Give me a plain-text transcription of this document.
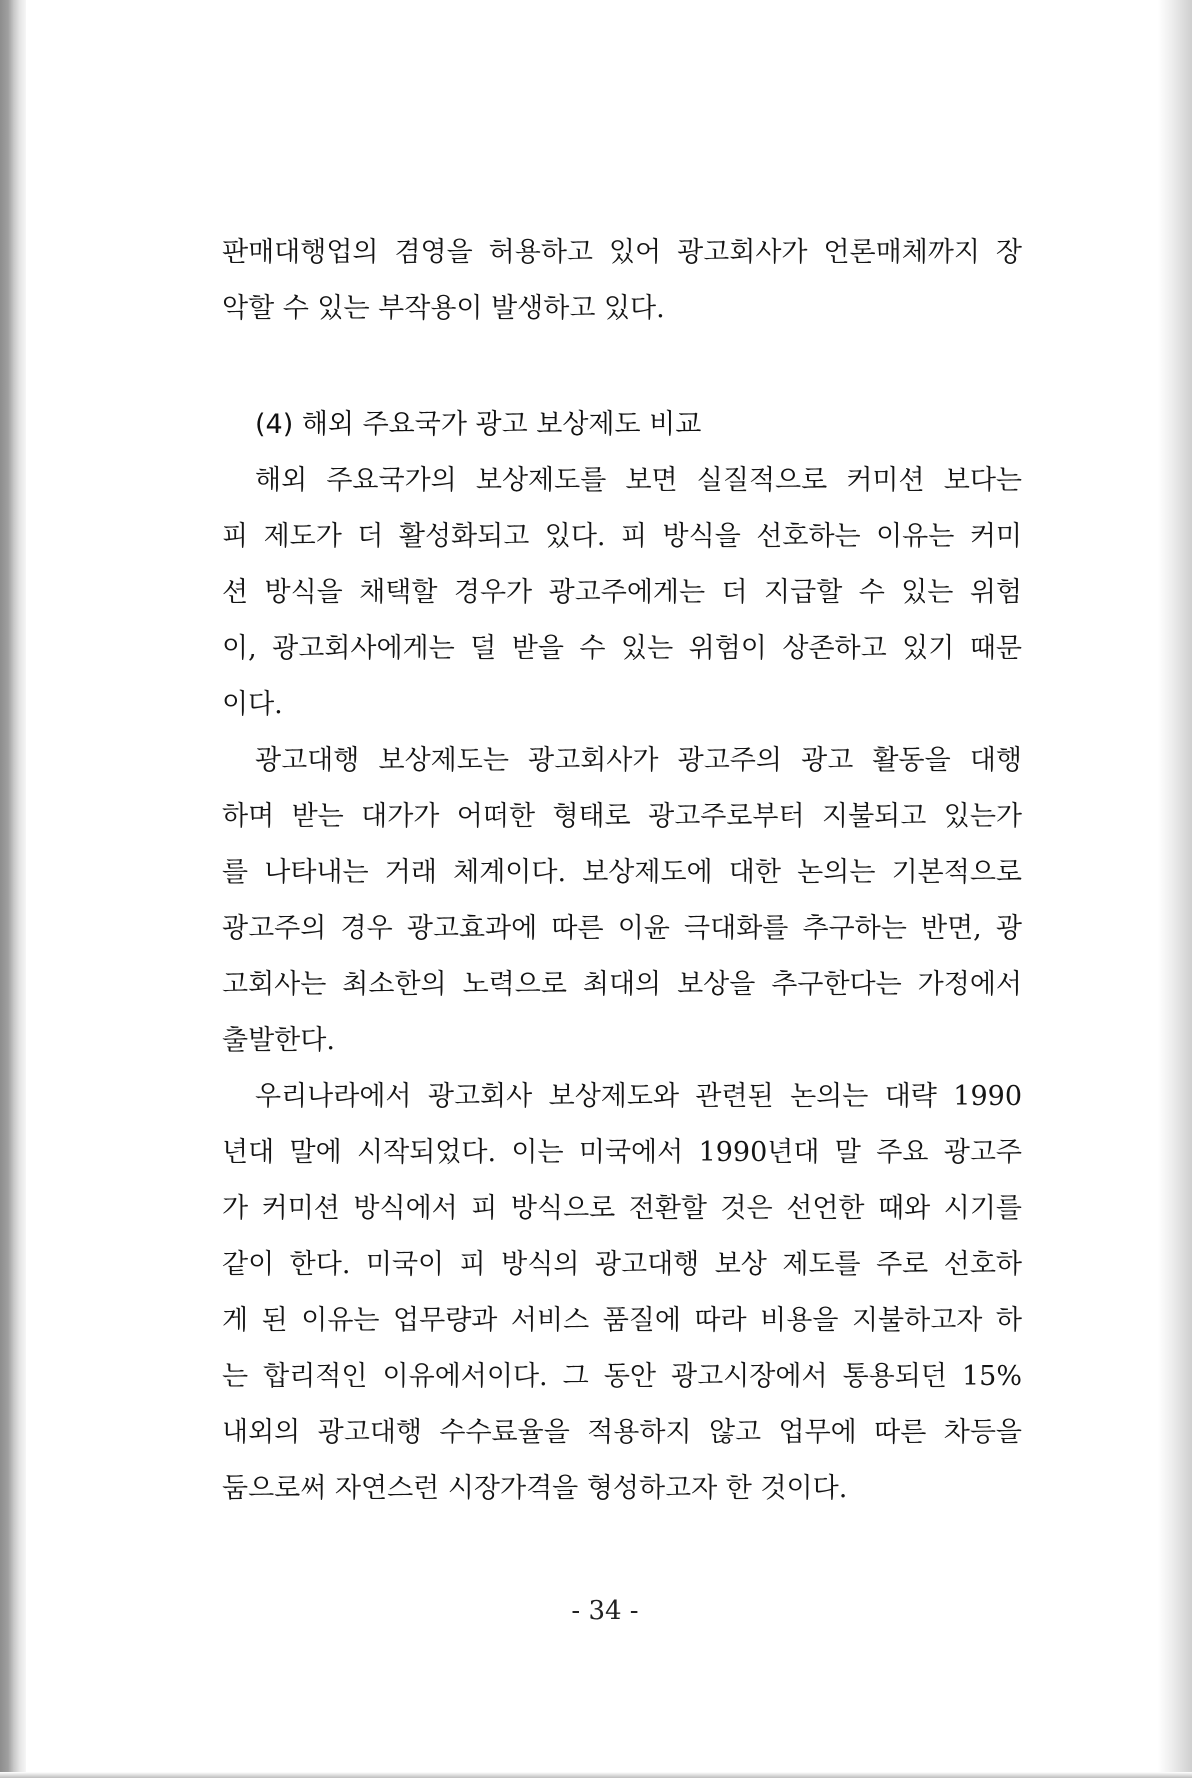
판매대행업의 겸영을 허용하고 있어 광고회사가 언론매체까지 장
악할 수 있는 부작용이 발생하고 있다.
(4) 해외 주요국가 광고 보상제도 비교
해외 주요국가의 보상제도를 보면 실질적으로 커미션 보다는
피 제도가 더 활성화되고 있다. 피 방식을 선호하는 이유는 커미
션 방식을 채택할 경우가 광고주에게는 더 지급할 수 있는 위험
이, 광고회사에게는 덜 받을 수 있는 위험이 상존하고 있기 때문
이다.
광고대행 보상제도는 광고회사가 광고주의 광고 활동을 대행
하며 받는 대가가 어떠한 형태로 광고주로부터 지불되고 있는가
를 나타내는 거래 체계이다. 보상제도에 대한 논의는 기본적으로
광고주의 경우 광고효과에 따른 이윤 극대화를 추구하는 반면, 광
고회사는 최소한의 노력으로 최대의 보상을 추구한다는 가정에서
출발한다.
우리나라에서 광고회사 보상제도와 관련된 논의는 대략 1990
년대 말에 시작되었다. 이는 미국에서 1990년대 말 주요 광고주
가 커미션 방식에서 피 방식으로 전환할 것은 선언한 때와 시기를
같이 한다. 미국이 피 방식의 광고대행 보상 제도를 주로 선호하
게 된 이유는 업무량과 서비스 품질에 따라 비용을 지불하고자 하
는 합리적인 이유에서이다. 그 동안 광고시장에서 통용되던 15%
내외의 광고대행 수수료율을 적용하지 않고 업무에 따른 차등을
둠으로써 자연스런 시장가격을 형성하고자 한 것이다.
- 34 -
